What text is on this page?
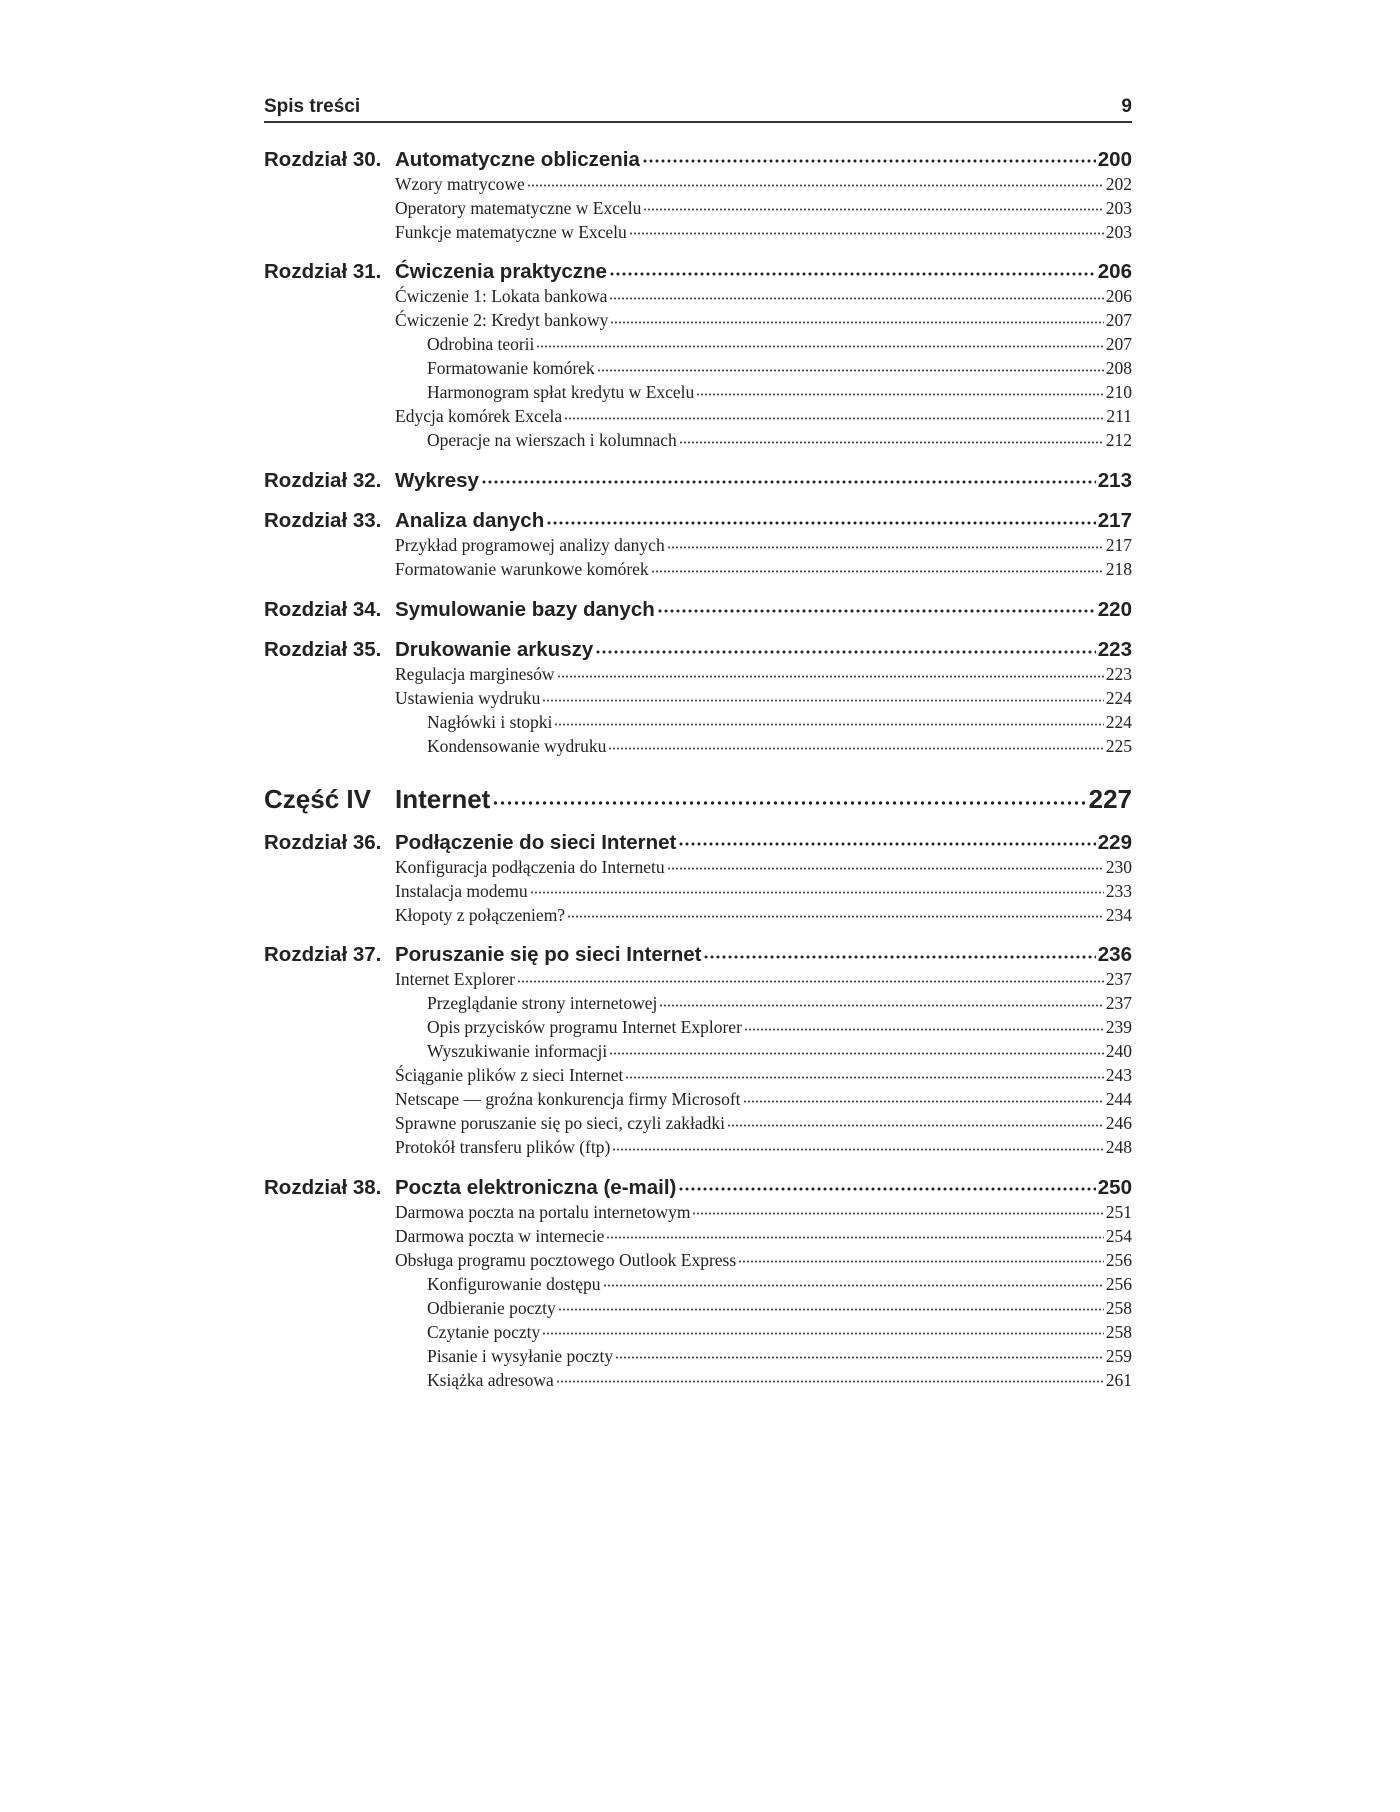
Spis treści	9
Rozdział 30. Automatyczne obliczenia	200
Wzory matrycowe	202
Operatory matematyczne w Excelu	203
Funkcje matematyczne w Excelu	203
Rozdział 31. Ćwiczenia praktyczne	206
Ćwiczenie 1: Lokata bankowa	206
Ćwiczenie 2: Kredyt bankowy	207
Odrobina teorii	207
Formatowanie komórek	208
Harmonogram spłat kredytu w Excelu	210
Edycja komórek Excela	211
Operacje na wierszach i kolumnach	212
Rozdział 32. Wykresy	213
Rozdział 33. Analiza danych	217
Przykład programowej analizy danych	217
Formatowanie warunkowe komórek	218
Rozdział 34. Symulowanie bazy danych	220
Rozdział 35. Drukowanie arkuszy	223
Regulacja marginesów	223
Ustawienia wydruku	224
Nagłówki i stopki	224
Kondensowanie wydruku	225
Część IV Internet	227
Rozdział 36. Podłączenie do sieci Internet	229
Konfiguracja podłączenia do Internetu	230
Instalacja modemu	233
Kłopoty z połączeniem?	234
Rozdział 37. Poruszanie się po sieci Internet	236
Internet Explorer	237
Przeglądanie strony internetowej	237
Opis przycisków programu Internet Explorer	239
Wyszukiwanie informacji	240
Ściąganie plików z sieci Internet	243
Netscape — groźna konkurencja firmy Microsoft	244
Sprawne poruszanie się po sieci, czyli zakładki	246
Protokół transferu plików (ftp)	248
Rozdział 38. Poczta elektroniczna (e-mail)	250
Darmowa poczta na portalu internetowym	251
Darmowa poczta w internecie	254
Obsługa programu pocztowego Outlook Express	256
Konfigurowanie dostępu	256
Odbieranie poczty	258
Czytanie poczty	258
Pisanie i wysyłanie poczty	259
Książka adresowa	261
